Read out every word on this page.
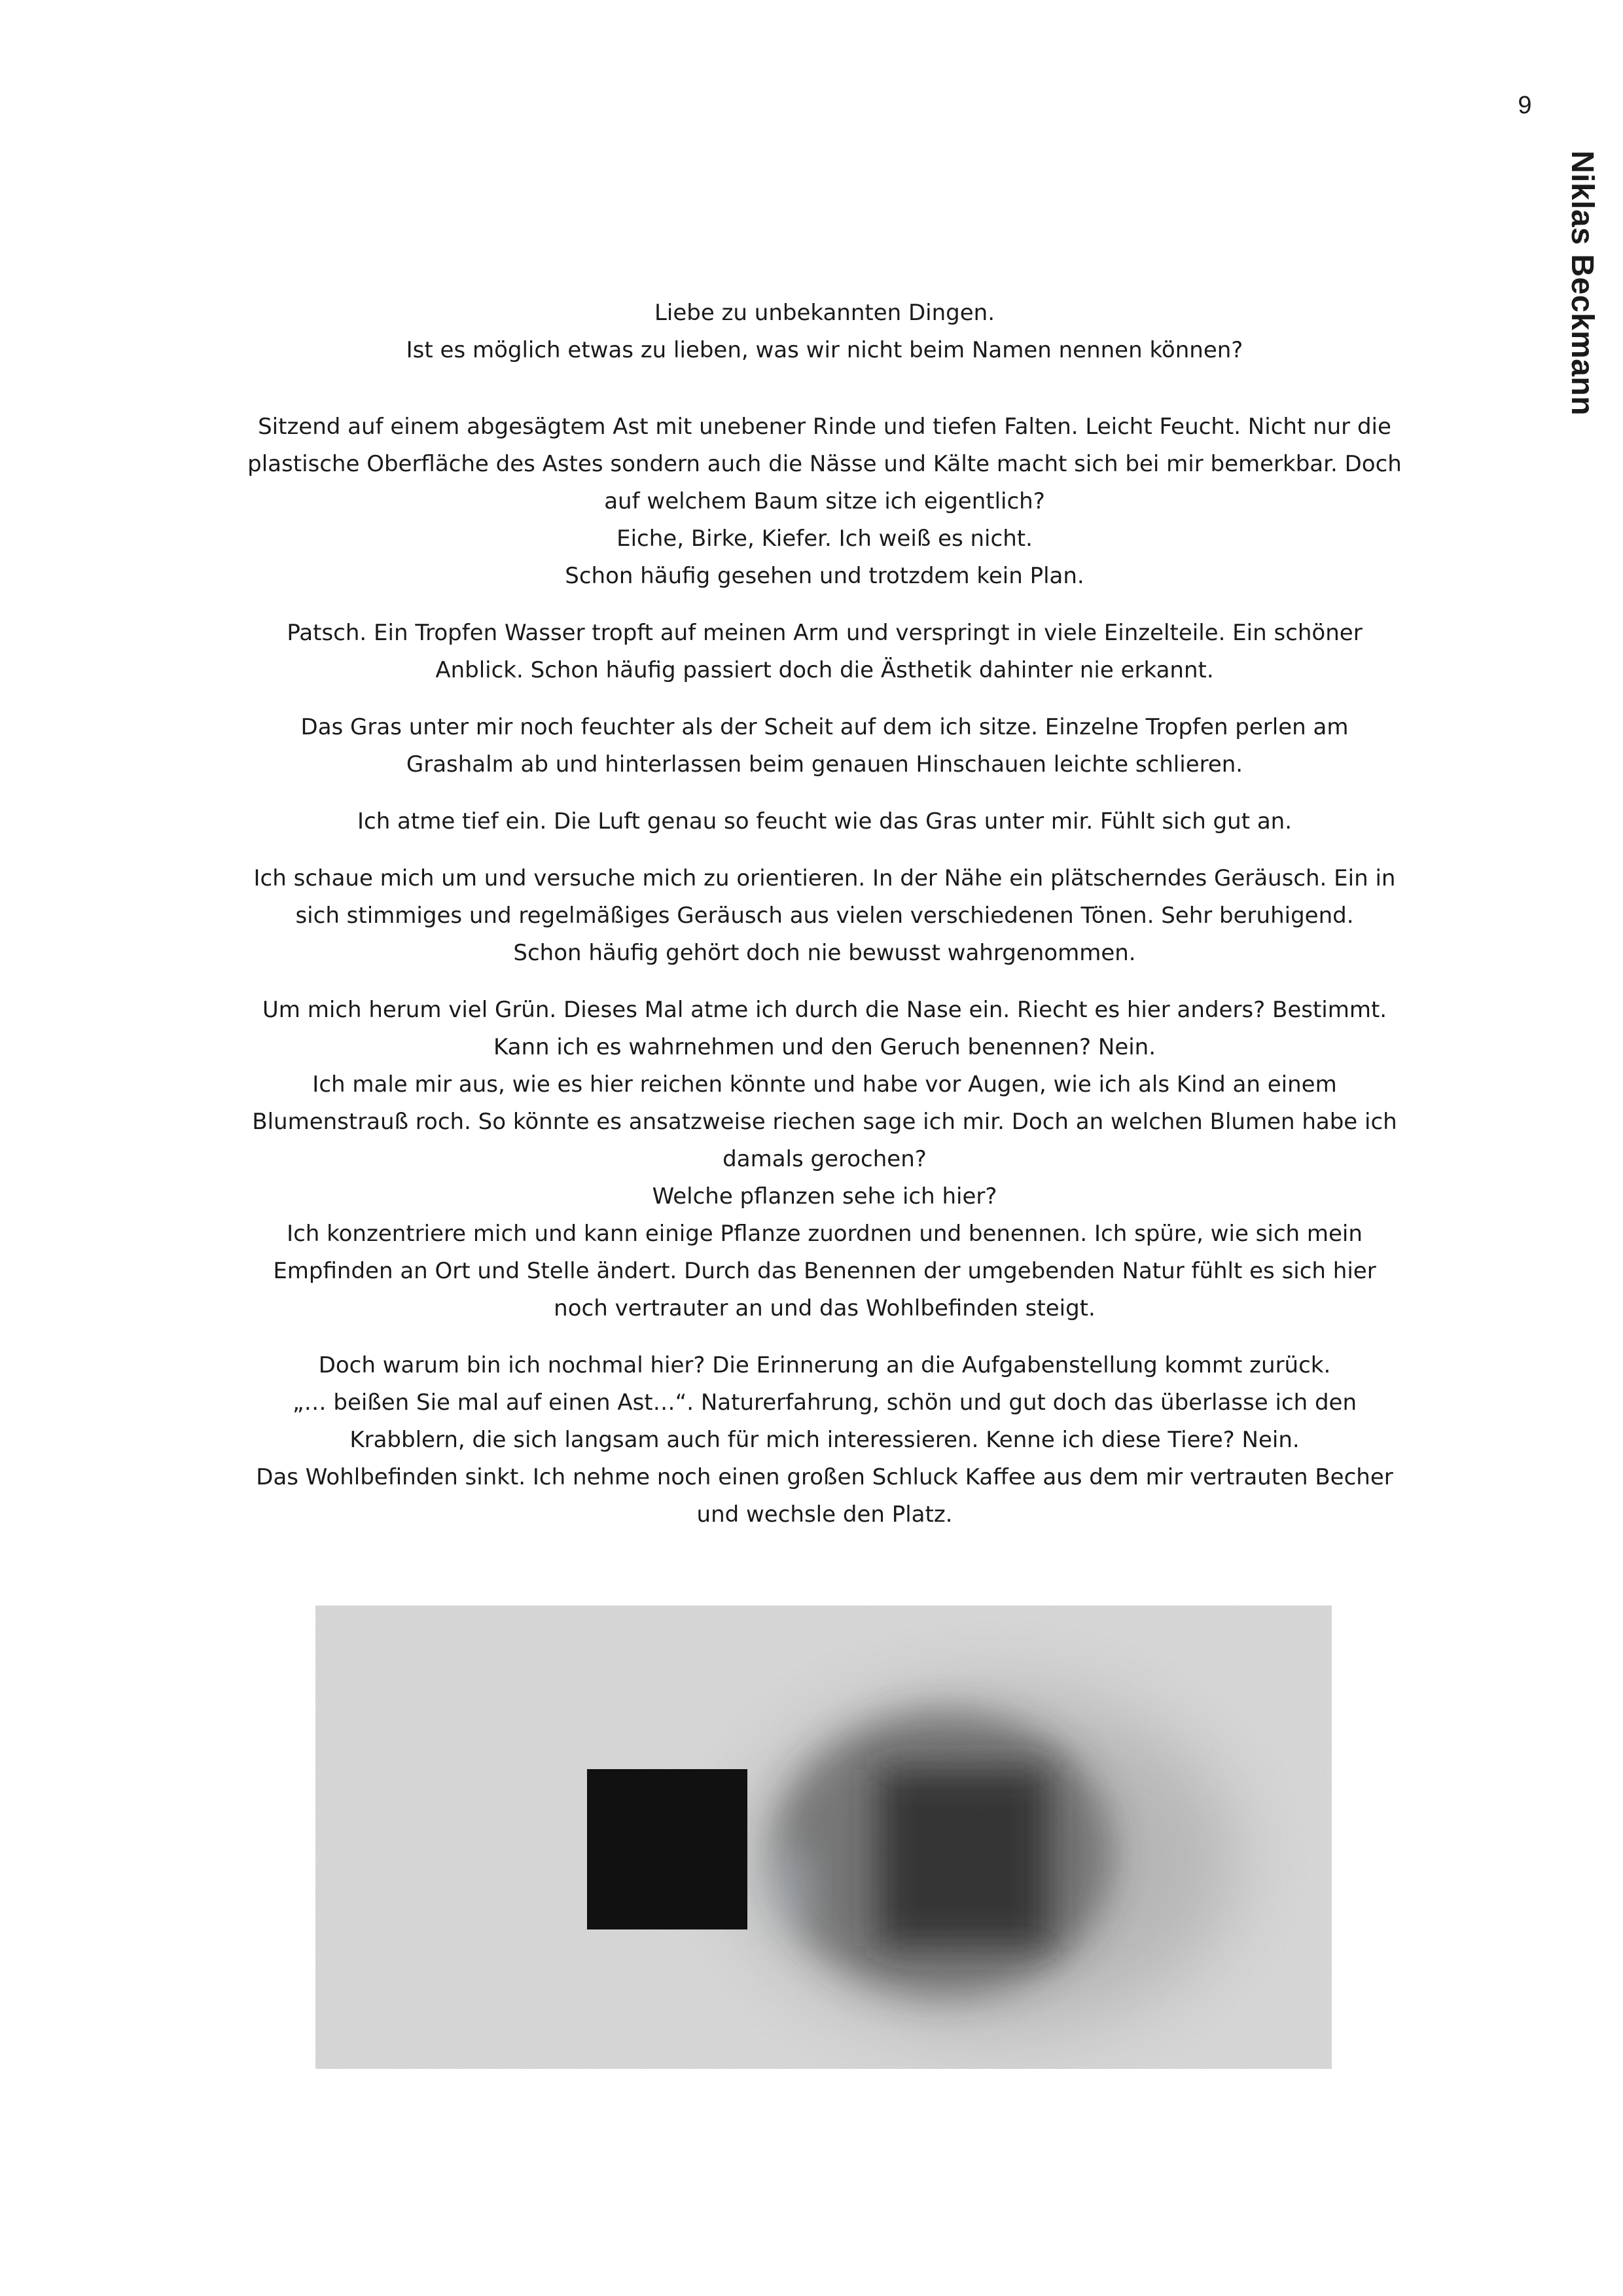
9
Niklas Beckmann
Liebe zu unbekannten Dingen.
Ist es möglich etwas zu lieben, was wir nicht beim Namen nennen können?
Sitzend auf einem abgesägtem Ast mit unebener Rinde und tiefen Falten. Leicht Feucht. Nicht nur die
plastische Oberfläche des Astes sondern auch die Nässe und Kälte macht sich bei mir bemerkbar. Doch
auf welchem Baum sitze ich eigentlich?
Eiche, Birke, Kiefer. Ich weiß es nicht.
Schon häufig gesehen und trotzdem kein Plan.
Patsch. Ein Tropfen Wasser tropft auf meinen Arm und verspringt in viele Einzelteile. Ein schöner
Anblick. Schon häufig passiert doch die Ästhetik dahinter nie erkannt.
Das Gras unter mir noch feuchter als der Scheit auf dem ich sitze. Einzelne Tropfen perlen am
Grashalm ab und hinterlassen beim genauen Hinschauen leichte schlieren.
Ich atme tief ein. Die Luft genau so feucht wie das Gras unter mir. Fühlt sich gut an.
Ich schaue mich um und versuche mich zu orientieren. In der Nähe ein plätscherndes Geräusch. Ein in
sich stimmiges und regelmäßiges Geräusch aus vielen verschiedenen Tönen. Sehr beruhigend.
Schon häufig gehört doch nie bewusst wahrgenommen.
Um mich herum viel Grün. Dieses Mal atme ich durch die Nase ein. Riecht es hier anders? Bestimmt.
Kann ich es wahrnehmen und den Geruch benennen? Nein.
Ich male mir aus, wie es hier reichen könnte und habe vor Augen, wie ich als Kind an einem
Blumenstrauß roch. So könnte es ansatzweise riechen sage ich mir. Doch an welchen Blumen habe ich
damals gerochen?
Welche pflanzen sehe ich hier?
Ich konzentriere mich und kann einige Pflanze zuordnen und benennen. Ich spüre, wie sich mein
Empfinden an Ort und Stelle ändert. Durch das Benennen der umgebenden Natur fühlt es sich hier
noch vertrauter an und das Wohlbefinden steigt.
Doch warum bin ich nochmal hier? Die Erinnerung an die Aufgabenstellung kommt zurück.
„… beißen Sie mal auf einen Ast…“. Naturerfahrung, schön und gut doch das überlasse ich den
Krabblern, die sich langsam auch für mich interessieren. Kenne ich diese Tiere? Nein.
Das Wohlbefinden sinkt. Ich nehme noch einen großen Schluck Kaffee aus dem mir vertrauten Becher
und wechsle den Platz.
